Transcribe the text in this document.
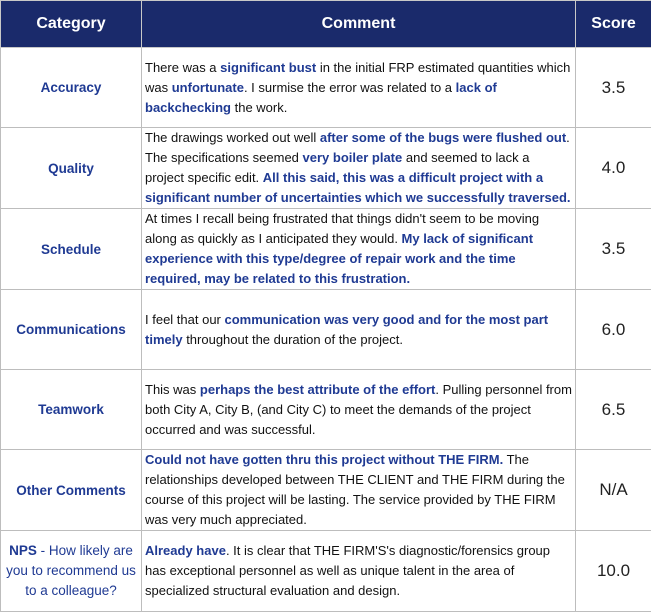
Category	Comment	Score
Accuracy	There was a significant bust in the initial FRP estimated quantities which was unfortunate. I surmise the error was related to a lack of backchecking the work.	3.5
Quality	The drawings worked out well after some of the bugs were flushed out. The specifications seemed very boiler plate and seemed to lack a project specific edit. All this said, this was a difficult project with a significant number of uncertainties which we successfully traversed.	4.0
Schedule	At times I recall being frustrated that things didn't seem to be moving along as quickly as I anticipated they would. My lack of significant experience with this type/degree of repair work and the time required, may be related to this frustration.	3.5
Communications	I feel that our communication was very good and for the most part timely throughout the duration of the project.	6.0
Teamwork	This was perhaps the best attribute of the effort. Pulling personnel from both City A, City B, (and City C) to meet the demands of the project occurred and was successful.	6.5
Other Comments	Could not have gotten thru this project without THE FIRM. The relationships developed between THE CLIENT and THE FIRM during the course of this project will be lasting. The service provided by THE FIRM was very much appreciated.	N/A
NPS - How likely are you to recommend us to a colleague?	Already have. It is clear that THE FIRM'S's diagnostic/forensics group has exceptional personnel as well as unique talent in the area of specialized structural evaluation and design.	10.0
